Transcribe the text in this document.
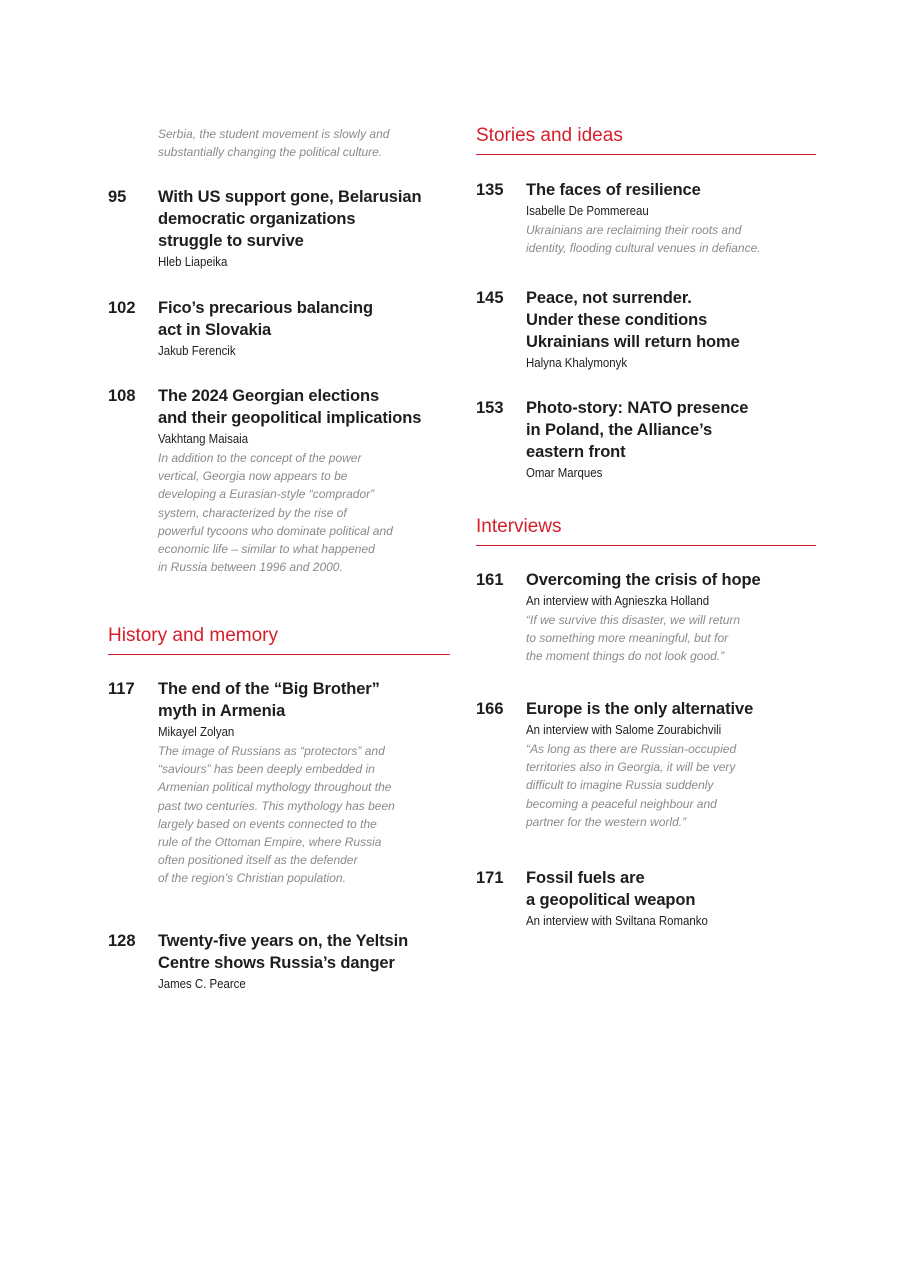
Serbia, the student movement is slowly and
substantially changing the political culture.
95 With US support gone, Belarusian
democratic organizations
struggle to survive
Hleb Liapeika
102 Fico’s precarious balancing
act in Slovakia
Jakub Ferencik
108 The 2024 Georgian elections
and their geopolitical implications
Vakhtang Maisaia
In addition to the concept of the power
vertical, Georgia now appears to be
developing a Eurasian-style “comprador”
system, characterized by the rise of
powerful tycoons who dominate political and
economic life – similar to what happened
in Russia between 1996 and 2000.
History and memory
117 The end of the “Big Brother”
myth in Armenia
Mikayel Zolyan
The image of Russians as “protectors” and
“saviours” has been deeply embedded in
Armenian political mythology throughout the
past two centuries. This mythology has been
largely based on events connected to the
rule of the Ottoman Empire, where Russia
often positioned itself as the defender
of the region’s Christian population.
128 Twenty-five years on, the Yeltsin
Centre shows Russia’s danger
James C. Pearce
Stories and ideas
135 The faces of resilience
Isabelle De Pommereau
Ukrainians are reclaiming their roots and
identity, flooding cultural venues in defiance.
145 Peace, not surrender.
Under these conditions
Ukrainians will return home
Halyna Khalymonyk
153 Photo-story: NATO presence
in Poland, the Alliance’s
eastern front
Omar Marques
Interviews
161 Overcoming the crisis of hope
An interview with Agnieszka Holland
“If we survive this disaster, we will return
to something more meaningful, but for
the moment things do not look good.”
166 Europe is the only alternative
An interview with Salome Zourabichvili
“As long as there are Russian-occupied
territories also in Georgia, it will be very
difficult to imagine Russia suddenly
becoming a peaceful neighbour and
partner for the western world.”
171 Fossil fuels are
a geopolitical weapon
An interview with Sviltana Romanko
